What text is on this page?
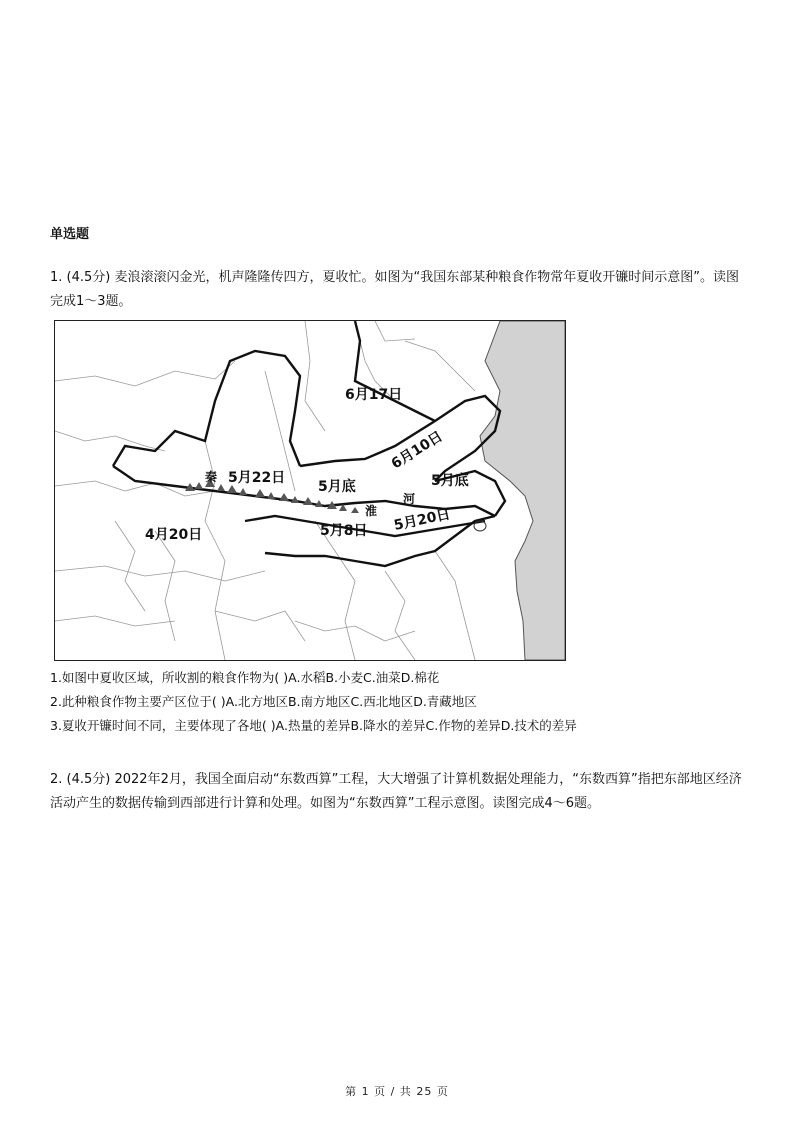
单选题
1. (4.5分) 麦浪滚滚闪金光，机声隆隆传四方，夏收忙。如图为“我国东部某种粮食作物常年夏收开镰时间示意图”。读图完成1～3题。
6月17日
6月10日
5月22日
秦
5月底	5月底
淮
河
5月20日
5月8日
4月20日
1.如图中夏收区域，所收割的粮食作物为( )A.水稻B.小麦C.油菜D.棉花
2.此种粮食作物主要产区位于( )A.北方地区B.南方地区C.西北地区D.青藏地区
3.夏收开镰时间不同，主要体现了各地( )A.热量的差异B.降水的差异C.作物的差异D.技术的差异
2. (4.5分) 2022年2月，我国全面启动“东数西算”工程，大大增强了计算机数据处理能力，“东数西算”指把东部地区经济活动产生的数据传输到西部进行计算和处理。如图为“东数西算”工程示意图。读图完成4～6题。
第 1 页 / 共 25 页
